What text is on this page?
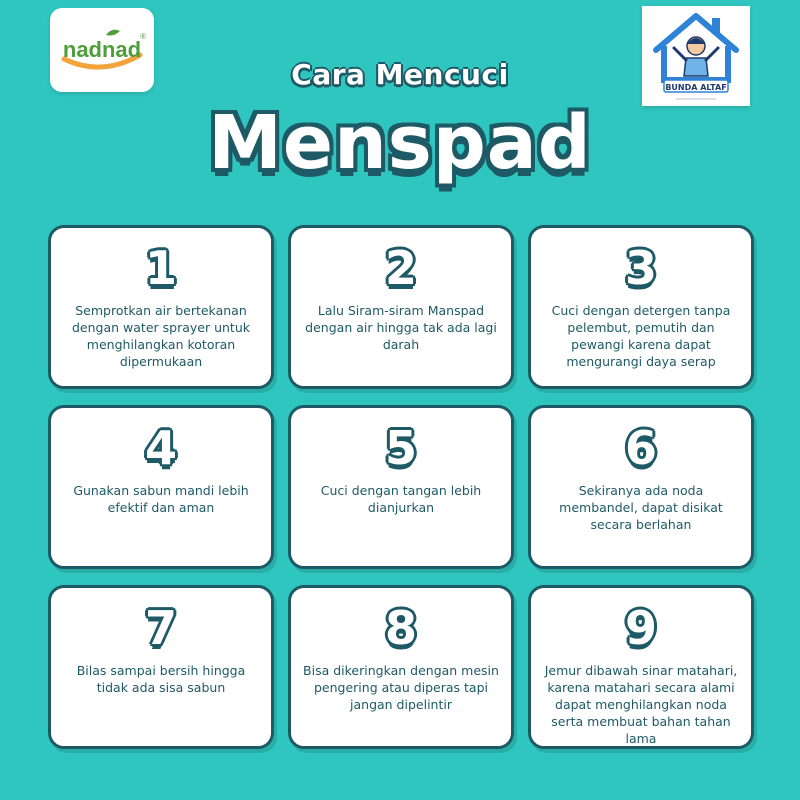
nadnad
®
BUNDA ALTAF
Cara Mencuci
Menspad
1
Semprotkan air bertekanan dengan water sprayer untuk menghilangkan kotoran dipermukaan
2
Lalu Siram-siram Manspad dengan air hingga tak ada lagi darah
3
Cuci dengan detergen tanpa pelembut, pemutih dan pewangi karena dapat mengurangi daya serap
4
Gunakan sabun mandi lebih efektif dan aman
5
Cuci dengan tangan lebih dianjurkan
6
Sekiranya ada noda membandel, dapat disikat secara berlahan
7
Bilas sampai bersih hingga tidak ada sisa sabun
8
Bisa dikeringkan dengan mesin pengering atau diperas tapi jangan dipelintir
9
Jemur dibawah sinar matahari, karena matahari secara alami dapat menghilangkan noda serta membuat bahan tahan lama
